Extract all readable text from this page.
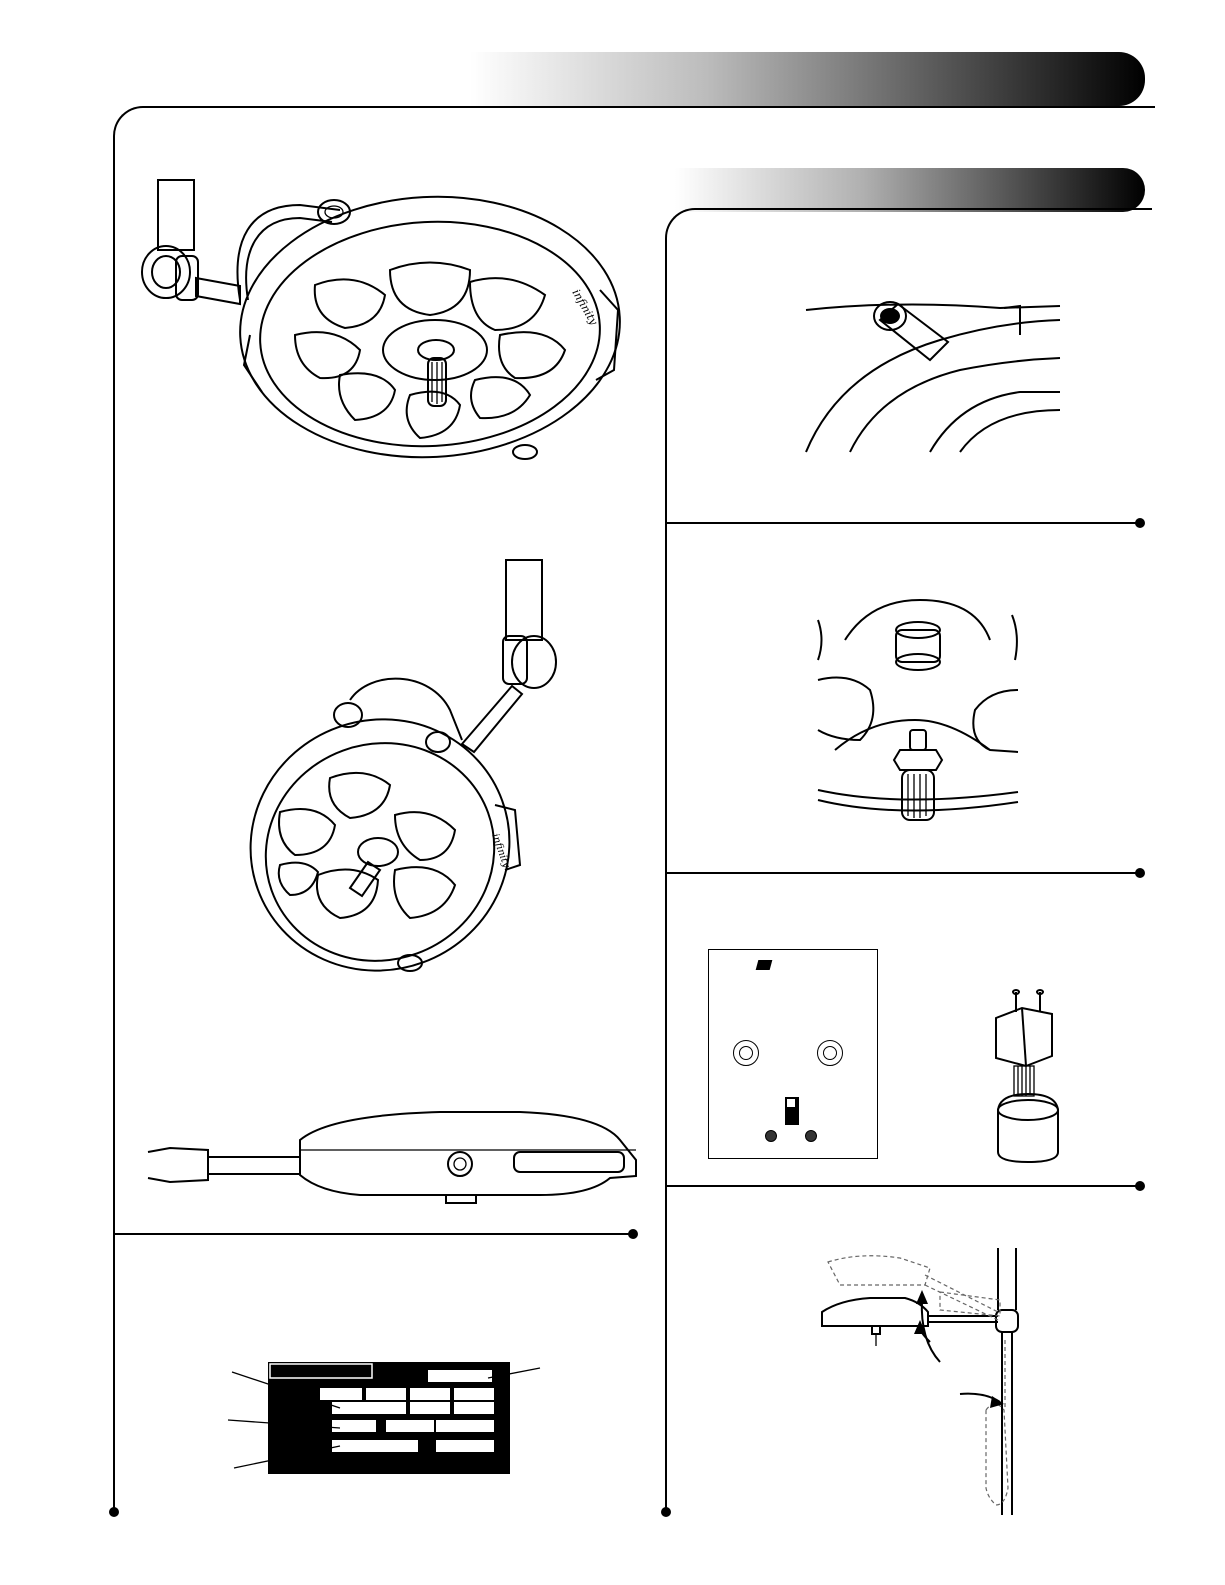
infinity
infinity
